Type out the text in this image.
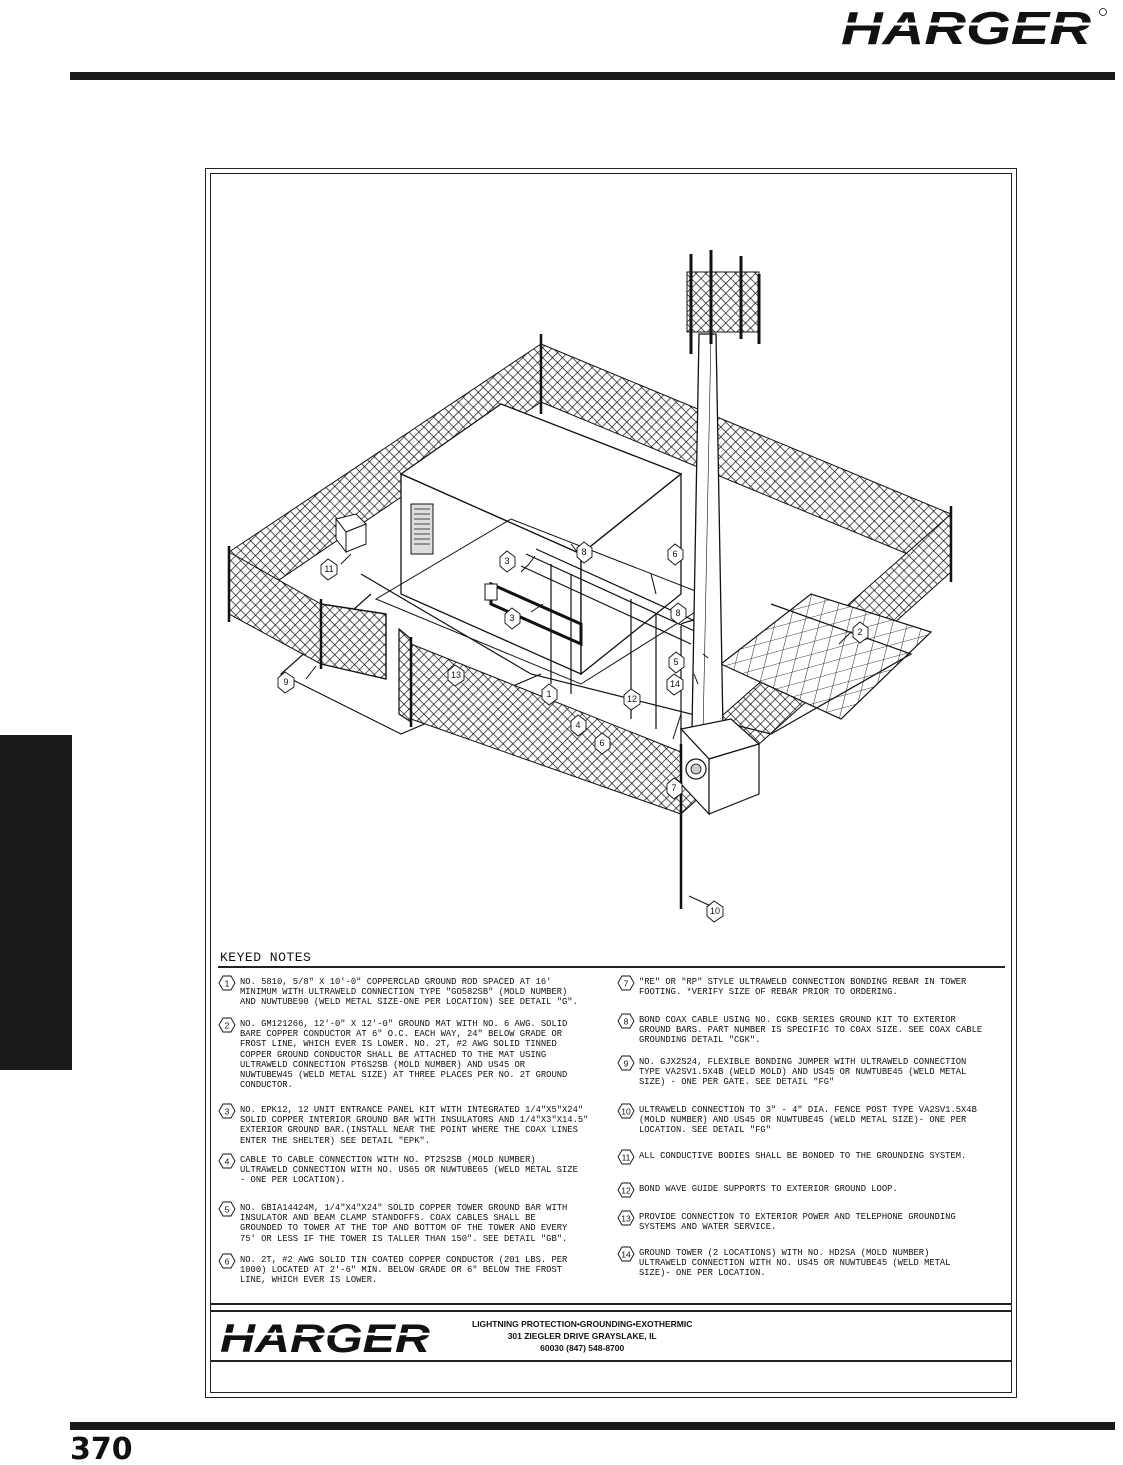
HARGER
3
8	6
11
3	8
2
5
13
9	14
1	12
4
6
7
10
KEYED NOTES
1 NO. 5810, 5/8" X 10'-0" COPPERCLAD GROUND ROD SPACED AT 16'
MINIMUM WITH ULTRAWELD CONNECTION TYPE "GO582SB" (MOLD NUMBER)
AND NUWTUBE90 (WELD METAL SIZE-ONE PER LOCATION) SEE DETAIL "G".
2 NO. GM121266, 12'-0" X 12'-0" GROUND MAT WITH NO. 6 AWG. SOLID
BARE COPPER CONDUCTOR AT 6" O.C. EACH WAY, 24" BELOW GRADE OR
FROST LINE, WHICH EVER IS LOWER. NO. 2T, #2 AWG SOLID TINNED
COPPER GROUND CONDUCTOR SHALL BE ATTACHED TO THE MAT USING
ULTRAWELD CONNECTION PT6S2SB (MOLD NUMBER) AND US45 OR
NUWTUBEW45 (WELD METAL SIZE) AT THREE PLACES PER NO. 2T GROUND
CONDUCTOR.
3 NO. EPK12, 12 UNIT ENTRANCE PANEL KIT WITH INTEGRATED 1/4"X5"X24"
SOLID COPPER INTERIOR GROUND BAR WITH INSULATORS AND 1/4"X3"X14.5"
EXTERIOR GROUND BAR.(INSTALL NEAR THE POINT WHERE THE COAX LINES
ENTER THE SHELTER) SEE DETAIL "EPK".
4 CABLE TO CABLE CONNECTION WITH NO. PT2S2SB (MOLD NUMBER)
ULTRAWELD CONNECTION WITH NO. US65 OR NUWTUBE65 (WELD METAL SIZE
- ONE PER LOCATION).
5 NO. GBIA14424M, 1/4"X4"X24" SOLID COPPER TOWER GROUND BAR WITH
INSULATOR AND BEAM CLAMP STANDOFFS. COAX CABLES SHALL BE
GROUNDED TO TOWER AT THE TOP AND BOTTOM OF THE TOWER AND EVERY
75' OR LESS IF THE TOWER IS TALLER THAN 150". SEE DETAIL "GB".
6 NO. 2T, #2 AWG SOLID TIN COATED COPPER CONDUCTOR (201 LBS. PER
1000) LOCATED AT 2'-6" MIN. BELOW GRADE OR 6" BELOW THE FROST
LINE, WHICH EVER IS LOWER.
7 "RE" OR "RP" STYLE ULTRAWELD CONNECTION BONDING REBAR IN TOWER
FOOTING. *VERIFY SIZE OF REBAR PRIOR TO ORDERING.
8 BOND COAX CABLE USING NO. CGKB SERIES GROUND KIT TO EXTERIOR
GROUND BARS. PART NUMBER IS SPECIFIC TO COAX SIZE. SEE COAX CABLE
GROUNDING DETAIL "CGK".
9 NO. GJX2S24, FLEXIBLE BONDING JUMPER WITH ULTRAWELD CONNECTION
TYPE VA2SV1.5X4B (WELD MOLD) AND US45 OR NUWTUBE45 (WELD METAL
SIZE) - ONE PER GATE. SEE DETAIL "FG"
10 ULTRAWELD CONNECTION TO 3" - 4" DIA. FENCE POST TYPE VA2SV1.5X4B
(MOLD NUMBER) AND US45 OR NUWTUBE45 (WELD METAL SIZE)- ONE PER
LOCATION. SEE DETAIL "FG"
11 ALL CONDUCTIVE BODIES SHALL BE BONDED TO THE GROUNDING SYSTEM.
12 BOND WAVE GUIDE SUPPORTS TO EXTERIOR GROUND LOOP.
13 PROVIDE CONNECTION TO EXTERIOR POWER AND TELEPHONE GROUNDING
SYSTEMS AND WATER SERVICE.
14 GROUND TOWER (2 LOCATIONS) WITH NO. HD2SA (MOLD NUMBER)
ULTRAWELD CONNECTION WITH NO. US45 OR NUWTUBE45 (WELD METAL
SIZE)- ONE PER LOCATION.
HARGER	LIGHTNING PROTECTION•GROUNDING•EXOTHERMIC
301 ZIEGLER DRIVE GRAYSLAKE, IL
60030 (847) 548-8700
370
